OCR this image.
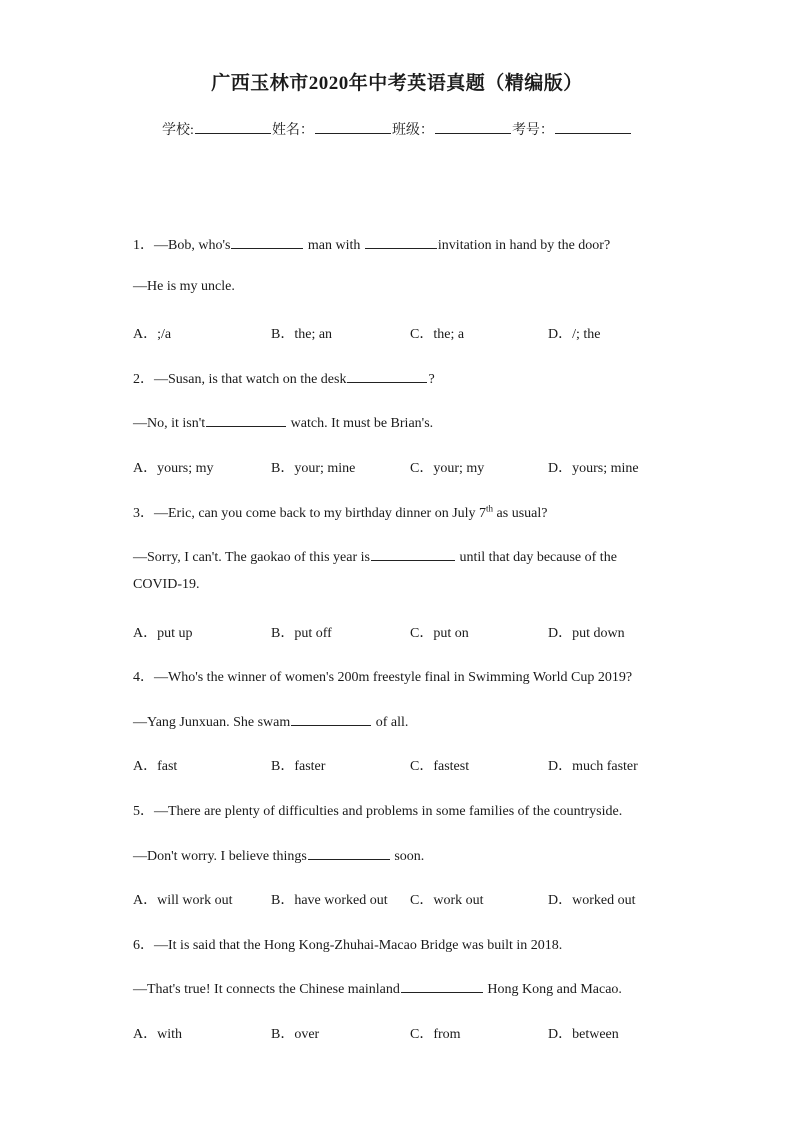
广西玉林市2020年中考英语真题（精编版）
学校:	姓名：	班级：	考号：
1．—Bob, who's	man with	invitation in hand by the door?
—He is my uncle.
A．;/a	B．the; an	C．the; a	D．/; the
2．—Susan, is that watch on the desk	?
—No, it isn't	watch. It must be Brian's.
A．yours; my	B．your; mine	C．your; my	D．yours; mine
3．—Eric, can you come back to my birthday dinner on July 7th as usual?
—Sorry, I can't. The gaokao of this year is	until that day because of the
COVID-19.
A．put up	B．put off	C．put on	D．put down
4．—Who's the winner of women's 200m freestyle final in Swimming World Cup 2019?
—Yang Junxuan. She swam	of all.
A．fast	B．faster	C．fastest	D．much faster
5．—There are plenty of difficulties and problems in some families of the countryside.
—Don't worry. I believe things	soon.
A．will work out	B．have worked out C．work out	D．worked out
6．—It is said that the Hong Kong-Zhuhai-Macao Bridge was built in 2018.
—That's true! It connects the Chinese mainland	Hong Kong and Macao.
A．with	B．over	C．from	D．between
